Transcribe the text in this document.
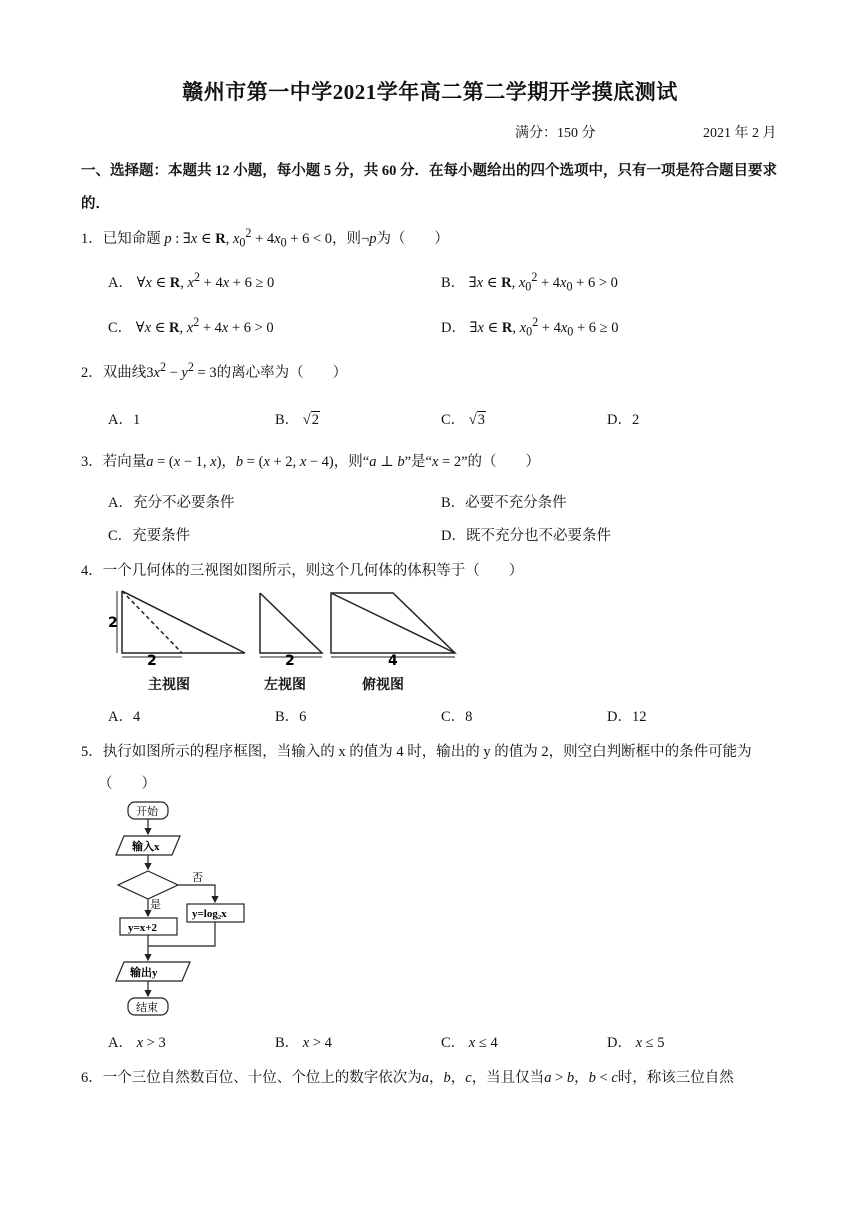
赣州市第一中学2021学年高二第二学期开学摸底测试
满分：150 分	2021 年 2 月
一、选择题：本题共 12 小题，每小题 5 分，共 60 分．在每小题给出的四个选项中，只有一项是符合题目要求的．
1．已知命题 p : ∃x ∈ R, $x_0^2 + 4x_0 + 6 < 0$，则¬p为（　　）
A． ∀x ∈ R, $x^2 + 4x + 6 \ge 0$	B． ∃x ∈ R, $x_0^2 + 4x_0 + 6 > 0$
C． ∀x ∈ R, $x^2 + 4x + 6 > 0$	D． ∃x ∈ R, $x_0^2 + 4x_0 + 6 \ge 0$
2．双曲线$3x^2 - y^2 = 3$的离心率为（　　）
A．1	B． √2	C． √3	D．2
3．若向量a = (x − 1, x)，b = (x + 2, x − 4)，则“a ⊥ b”是“x = 2”的（　　）
A．充分不必要条件	B．必要不充分条件
C．充要条件	D．既不充分也不必要条件
4．一个几何体的三视图如图所示，则这个几何体的体积等于（　　）
2
2	2	4
主视图	左视图	俯视图
A．4	B．6	C．8	D．12
5．执行如图所示的程序框图，当输入的 x 的值为 4 时，输出的 y 的值为 2，则空白判断框中的条件可能为
（　　）
开始
输入x
否
是
y=x+2
y=log₂x
输出y
结束
A． x > 3	B． x > 4	C． x ≤ 4	D． x ≤ 5
6．一个三位自然数百位、十位、个位上的数字依次为a，b，c，当且仅当a > b，b < c时，称该三位自然
